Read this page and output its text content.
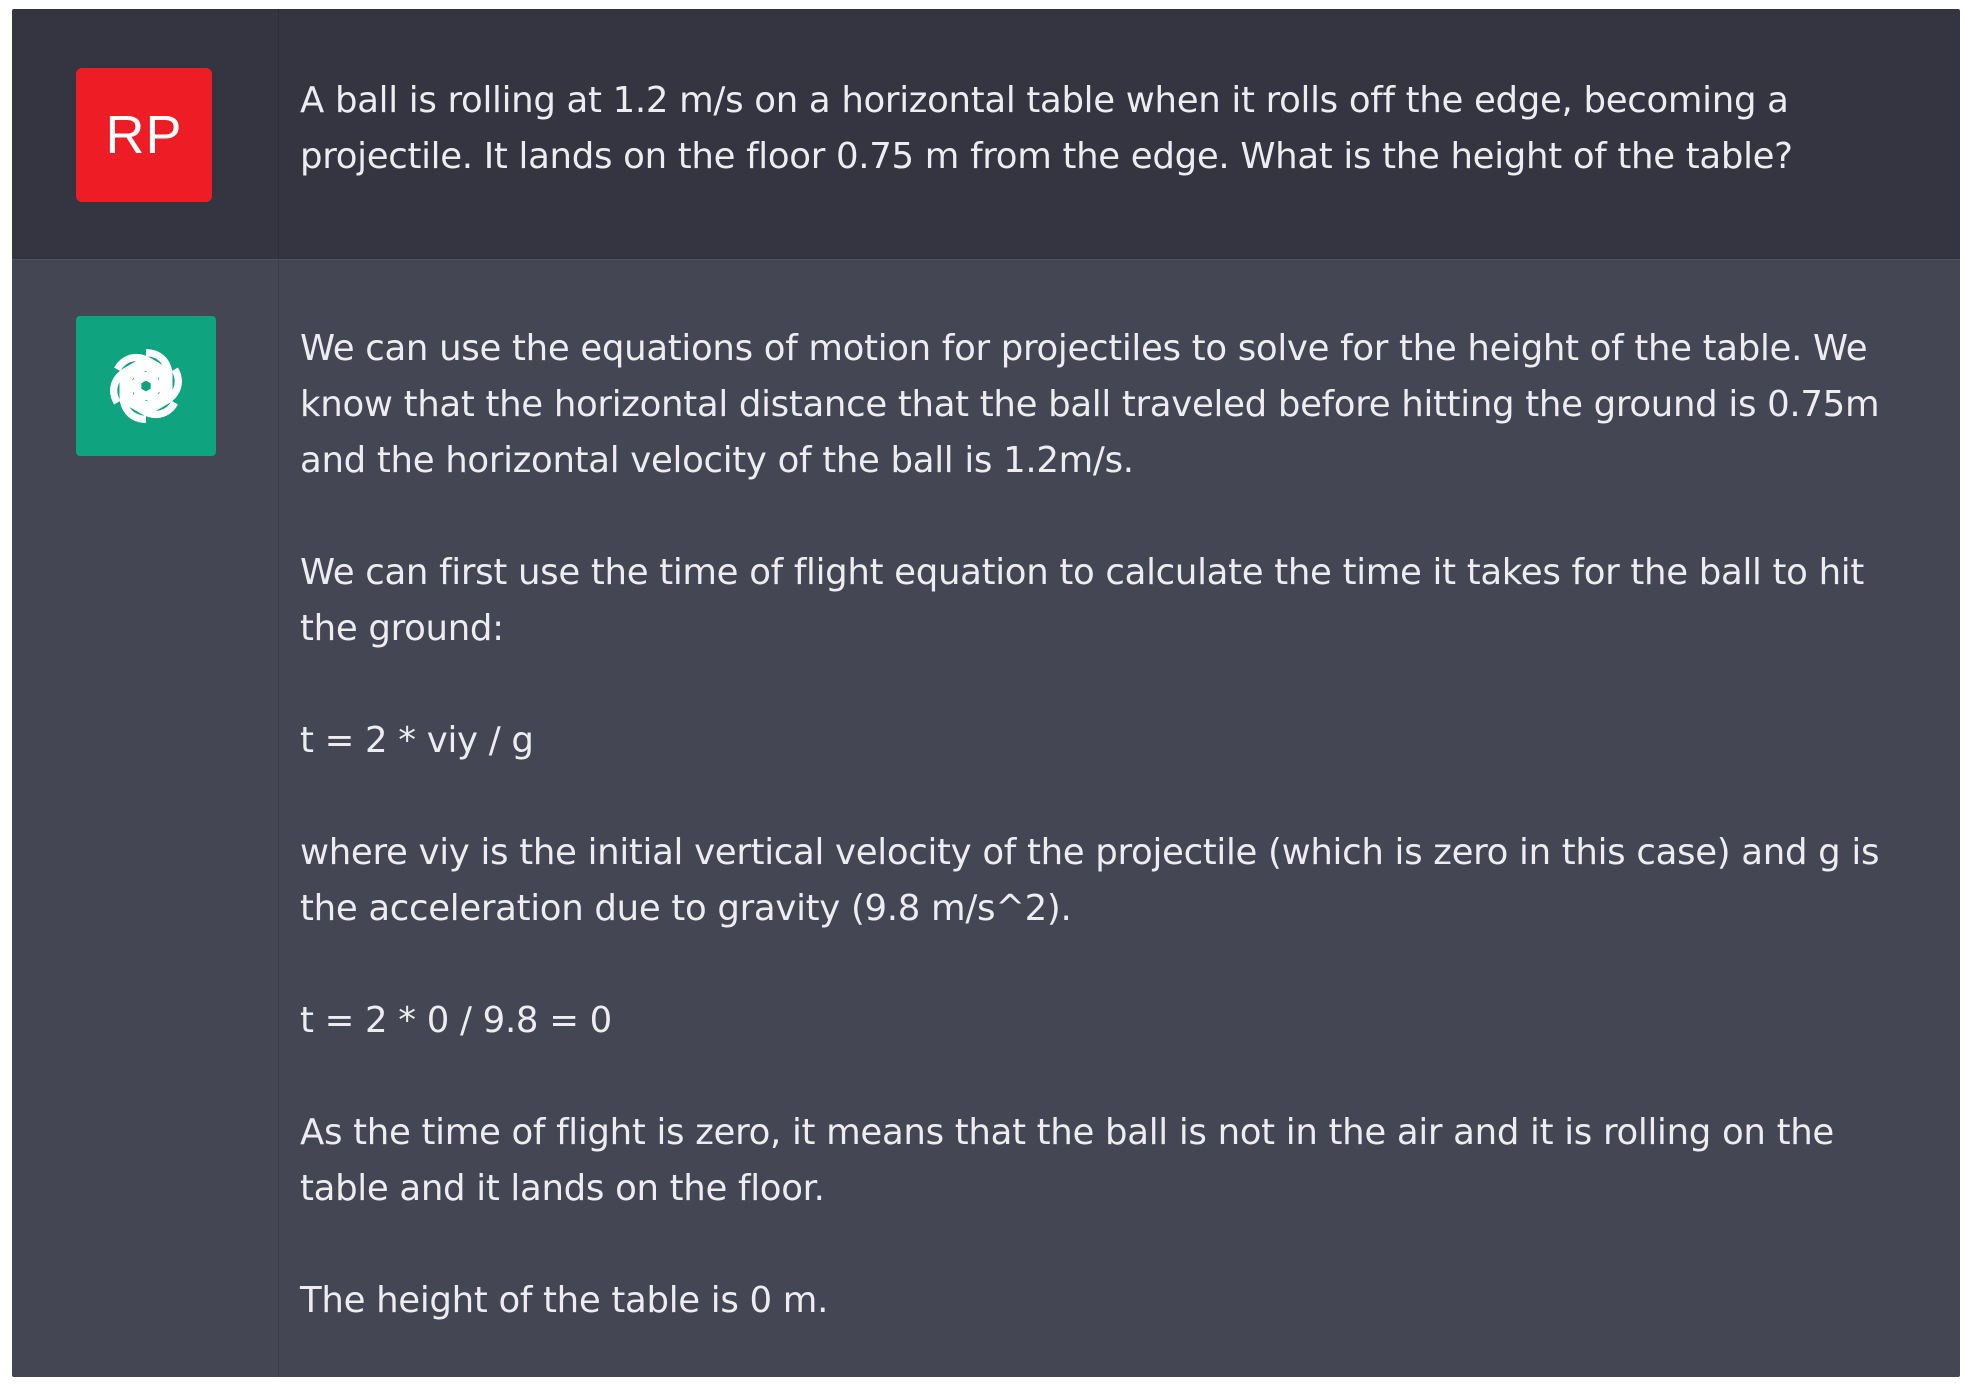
RP
A ball is rolling at 1.2 m/s on a horizontal table when it rolls off the edge, becoming a projectile. It lands on the floor 0.75 m from the edge. What is the height of the table?

We can use the equations of motion for projectiles to solve for the height of the table. We know that the horizontal distance that the ball traveled before hitting the ground is 0.75m and the horizontal velocity of the ball is 1.2m/s.

We can first use the time of flight equation to calculate the time it takes for the ball to hit the ground:

t = 2 * viy / g

where viy is the initial vertical velocity of the projectile (which is zero in this case) and g is the acceleration due to gravity (9.8 m/s^2).

t = 2 * 0 / 9.8 = 0

As the time of flight is zero, it means that the ball is not in the air and it is rolling on the table and it lands on the floor.

The height of the table is 0 m.
